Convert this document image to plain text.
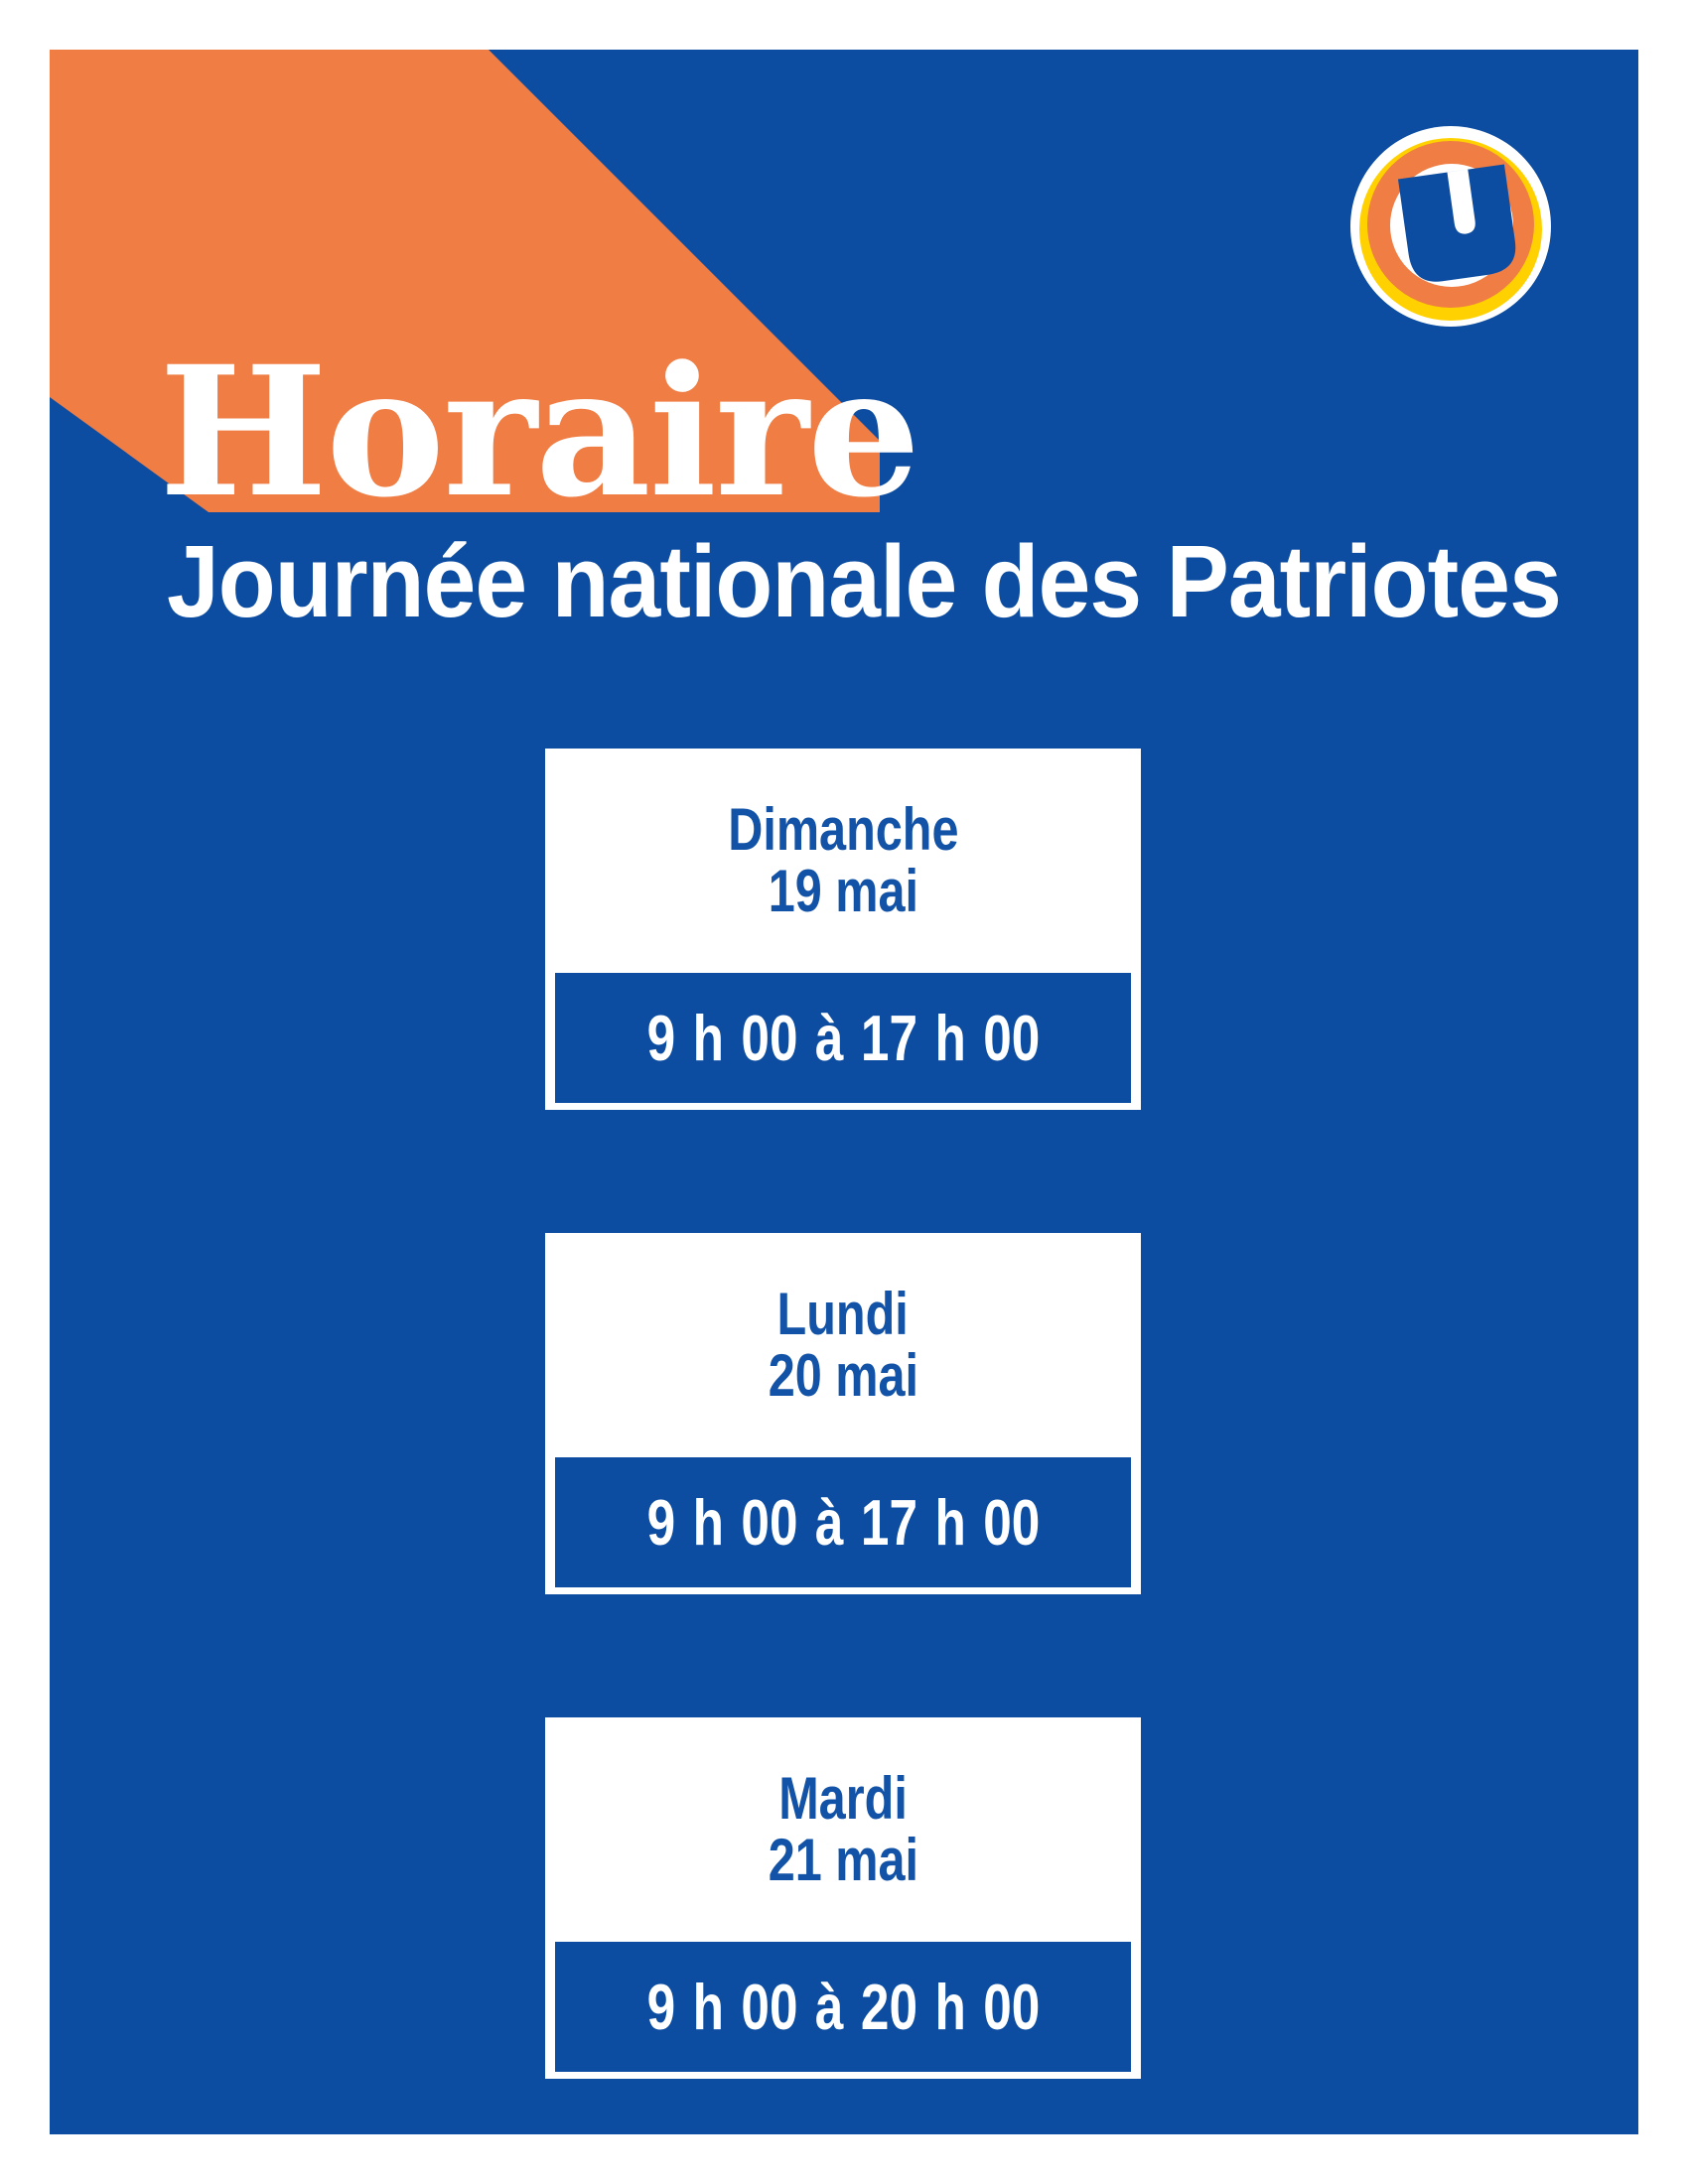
Horaire
Journée nationale des Patriotes
Dimanche
19 mai
9 h 00 à 17 h 00
Lundi
20 mai
9 h 00 à 17 h 00
Mardi
21 mai
9 h 00 à 20 h 00
